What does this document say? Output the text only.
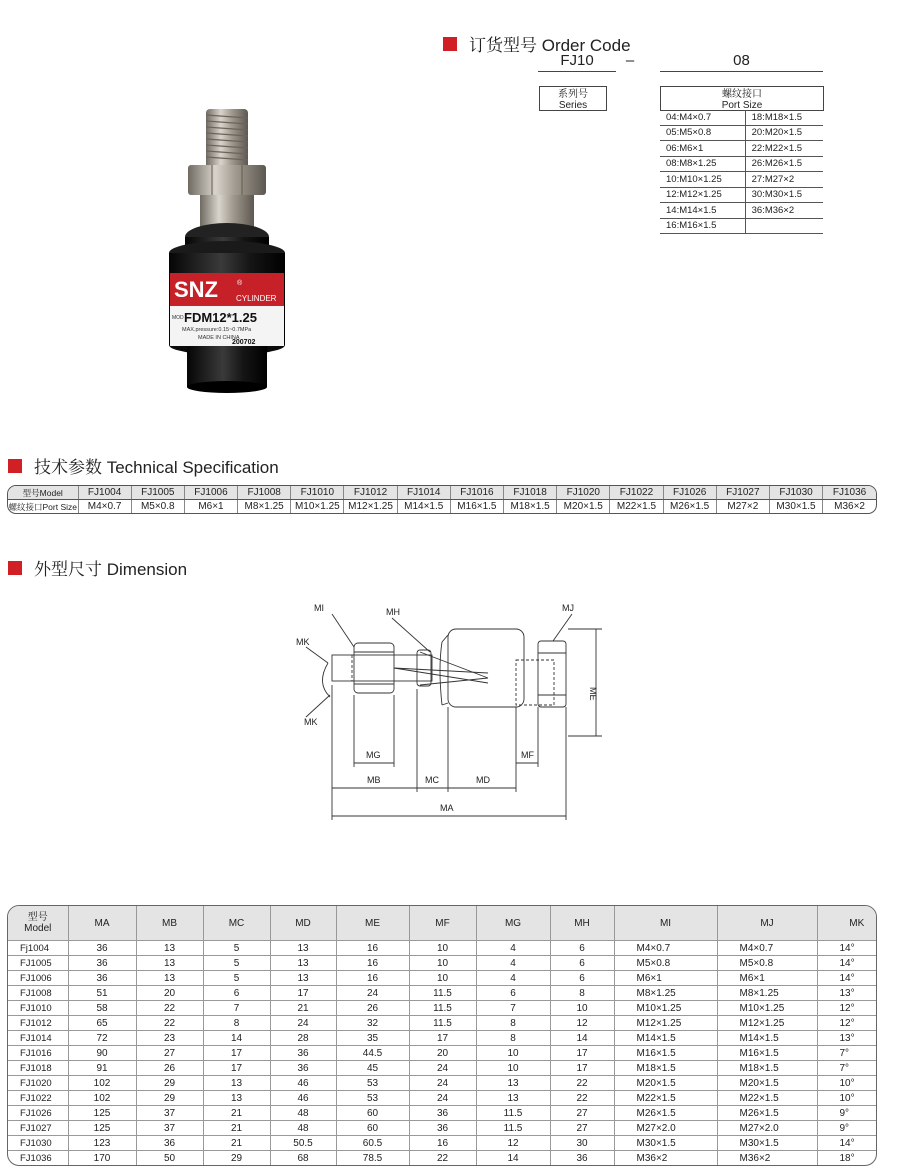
订货型号 Order Code
FJ10	–	08
系列号
Series
螺纹接口
Port Size
04:M4×0.7	18:M18×1.5
05:M5×0.8	20:M20×1.5
06:M6×1	22:M22×1.5
08:M8×1.25	26:M26×1.5
10:M10×1.25	27:M27×2
12:M12×1.25	30:M30×1.5
14:M14×1.5	36:M36×2
16:M16×1.5	
SNZ	®
CYLINDER
MOD FDM12*1.25
MAX.pressure:0.15~0.7MPa
MADE IN CHINA
200702
技术参数 Technical Specification
型号Model	FJ1004	FJ1005	FJ1006	FJ1008	FJ1010	FJ1012	FJ1014	FJ1016	FJ1018	FJ1020	FJ1022	FJ1026	FJ1027	FJ1030	FJ1036
螺纹接口Port Size	M4×0.7	M5×0.8	M6×1	M8×1.25	M10×1.25	M12×1.25	M14×1.5	M16×1.5	M18×1.5	M20×1.5	M22×1.5	M26×1.5	M27×2	M30×1.5	M36×2
外型尺寸 Dimension
MI	MH	MJ
MK
MK
ME
MG	MF
MB	MC	MD
MA
型号
Model	MA	MB	MC	MD	ME	MF	MG	MH	MI	MJ	MK
Fj1004	36	13	5	13	16	10	4	6	M4×0.7	M4×0.7	14°
FJ1005	36	13	5	13	16	10	4	6	M5×0.8	M5×0.8	14°
FJ1006	36	13	5	13	16	10	4	6	M6×1	M6×1	14°
FJ1008	51	20	6	17	24	11.5	6	8	M8×1.25	M8×1.25	13°
FJ1010	58	22	7	21	26	11.5	7	10	M10×1.25	M10×1.25	12°
FJ1012	65	22	8	24	32	11.5	8	12	M12×1.25	M12×1.25	12°
FJ1014	72	23	14	28	35	17	8	14	M14×1.5	M14×1.5	13°
FJ1016	90	27	17	36	44.5	20	10	17	M16×1.5	M16×1.5	7°
FJ1018	91	26	17	36	45	24	10	17	M18×1.5	M18×1.5	7°
FJ1020	102	29	13	46	53	24	13	22	M20×1.5	M20×1.5	10°
FJ1022	102	29	13	46	53	24	13	22	M22×1.5	M22×1.5	10°
FJ1026	125	37	21	48	60	36	11.5	27	M26×1.5	M26×1.5	9°
FJ1027	125	37	21	48	60	36	11.5	27	M27×2.0	M27×2.0	9°
FJ1030	123	36	21	50.5	60.5	16	12	30	M30×1.5	M30×1.5	14°
FJ1036	170	50	29	68	78.5	22	14	36	M36×2	M36×2	18°
